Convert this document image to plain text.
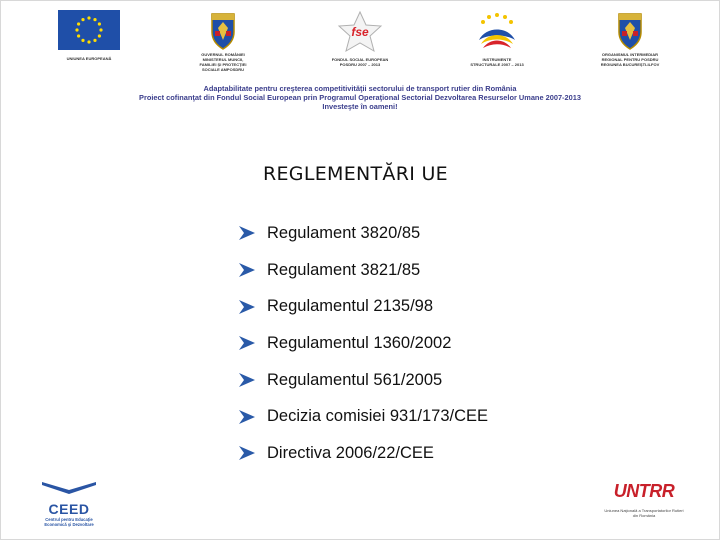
UNIUNEA EUROPEANĂ
GUVERNUL ROMÂNIEI MINISTERUL MUNCII, FAMILIEI ȘI PROTECȚIEI SOCIALE AMPOSDRU
fse
FONDUL SOCIAL EUROPEAN POSDRU 2007 – 2013
INSTRUMENTE STRUCTURALE 2007 – 2013
ORGANISMUL INTERMEDIAR REGIONAL PENTRU POSDRU REGIUNEA BUCUREȘTI-ILFOV
Adaptabilitate pentru creşterea competitivităţii sectorului de transport rutier din România
Proiect cofinanţat din Fondul Social European prin Programul Operaţional Sectorial Dezvoltarea Resurselor Umane 2007-2013
Investeşte în oameni!
REGLEMENTĂRI UE
Regulament 3820/85
Regulament 3821/85
Regulamentul 2135/98
Regulamentul 1360/2002
Regulamentul 561/2005
Decizia comisiei 931/173/CEE
Directiva 2006/22/CEE
CEED
Centrul pentru Educaţie Economică şi Dezvoltare
UNTRR
Uniunea Naţională a Transportatorilor Rutieri din România
